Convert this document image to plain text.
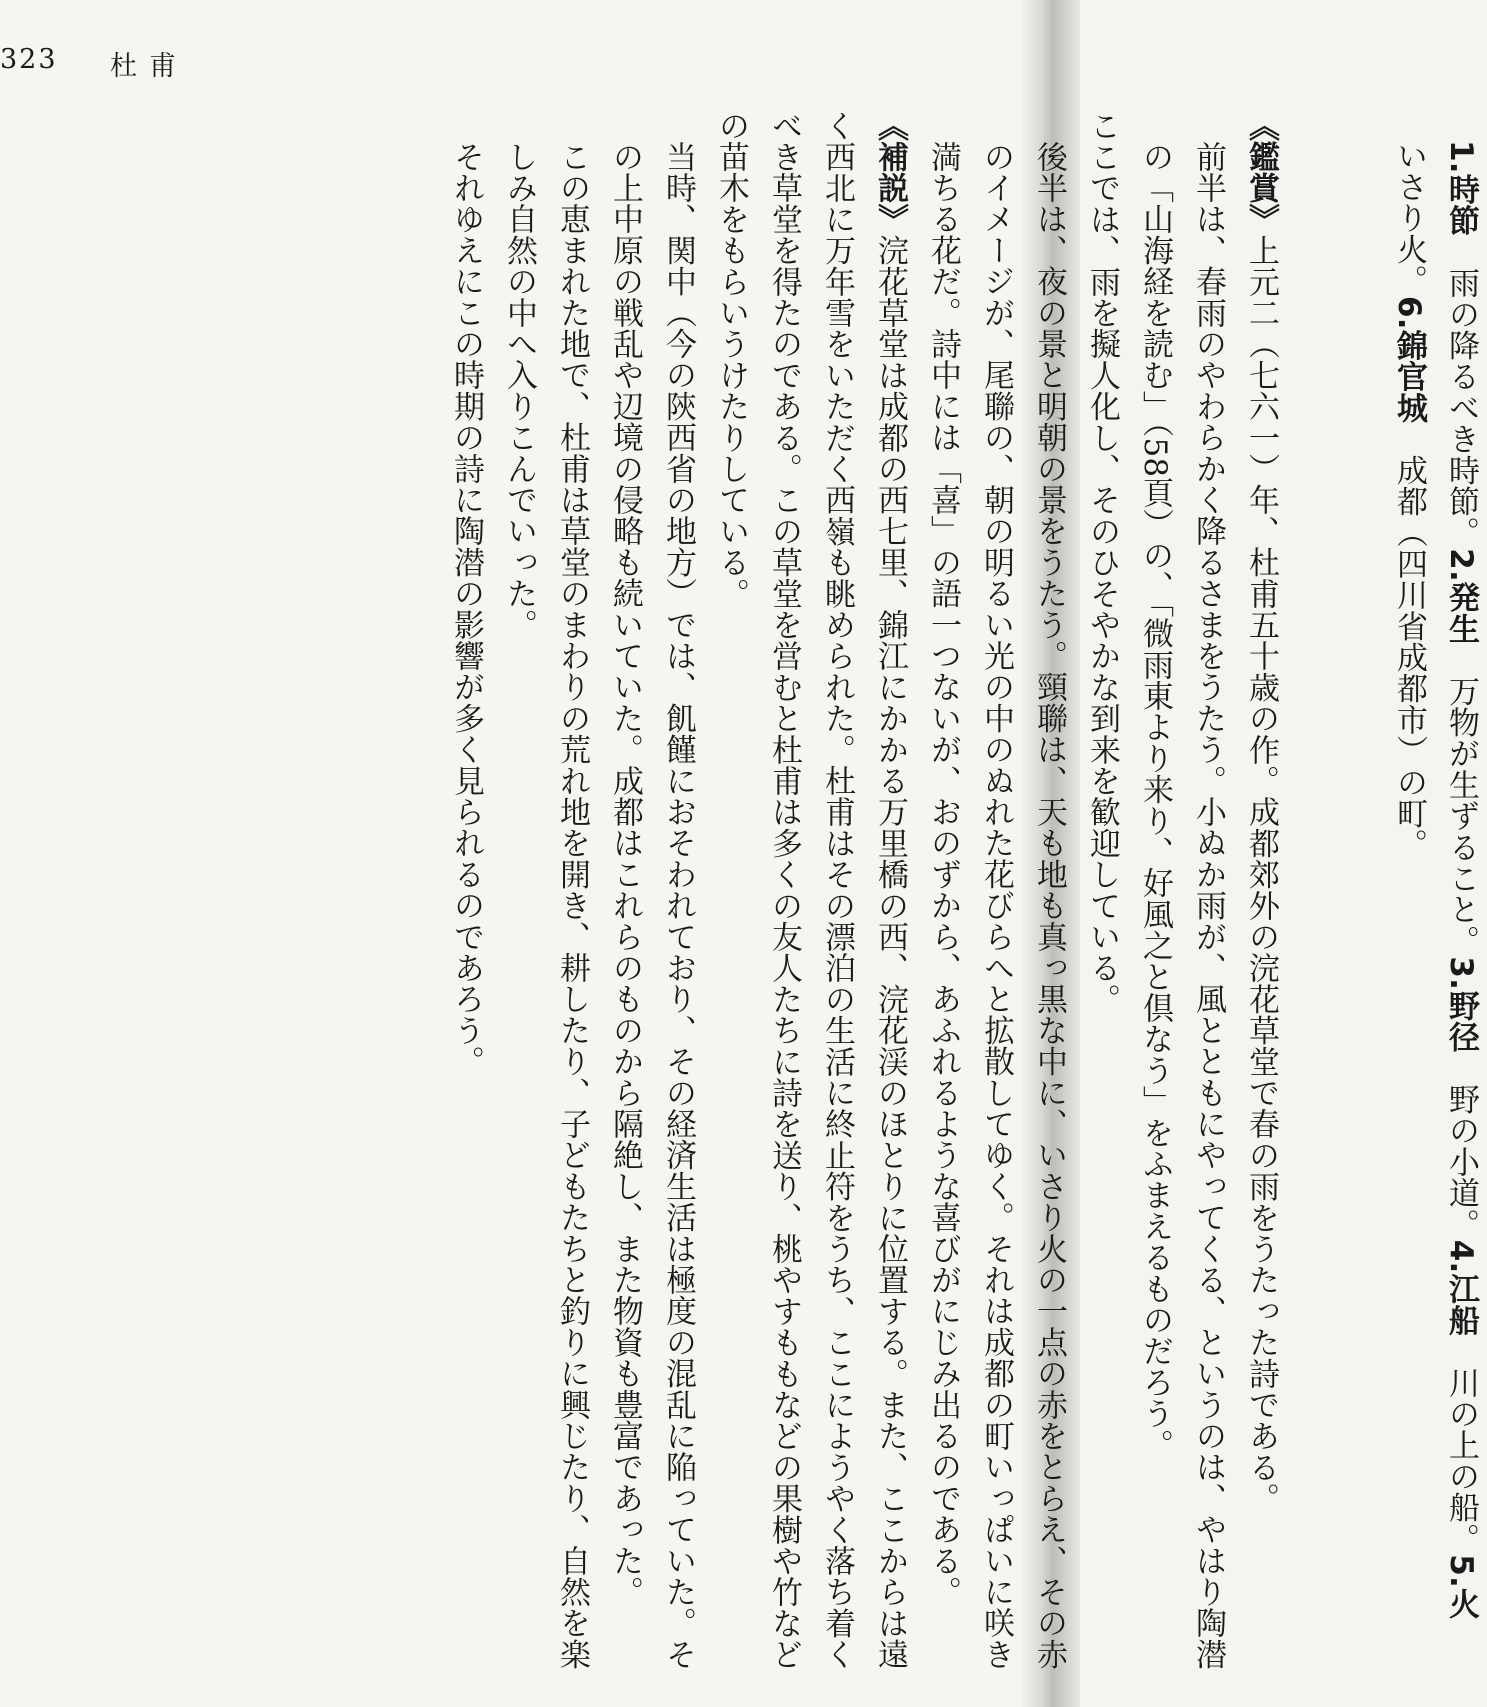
323 杜甫
1.時節　雨の降るべき時節。2.発生　万物が生ずること。3.野径　野の小道。4.江船　川の上の船。5.火　いさり火。6.錦官城　成都（四川省成都市）の町。

《鑑賞》上元二（七六一）年、杜甫五十歳の作。成都郊外の浣花草堂で春の雨をうたった詩である。

前半は、春雨のやわらかく降るさまをうたう。小ぬか雨が、風とともにやってくる、というのは、やはり陶潜の「山海経を読む」（58頁）の、「微雨東より来り、好風之と倶なう」をふまえるものだろう。

ここでは、雨を擬人化し、そのひそやかな到来を歓迎している。

後半は、夜の景と明朝の景をうたう。頸聯は、天も地も真っ黒な中に、いさり火の一点の赤をとらえ、その赤のイメージが、尾聯の、朝の明るい光の中のぬれた花びらへと拡散してゆく。それは成都の町いっぱいに咲き満ちる花だ。詩中には「喜」の語一つないが、おのずから、あふれるような喜びがにじみ出るのである。

《補説》浣花草堂は成都の西七里、錦江にかかる万里橋の西、浣花渓のほとりに位置する。また、ここからは遠く西北に万年雪をいただく西嶺も眺められた。杜甫はその漂泊の生活に終止符をうち、ここにようやく落ち着くべき草堂を得たのである。この草堂を営むと杜甫は多くの友人たちに詩を送り、桃やすももなどの果樹や竹などの苗木をもらいうけたりしている。

当時、関中（今の陝西省の地方）では、飢饉におそわれており、その経済生活は極度の混乱に陥っていた。その上中原の戦乱や辺境の侵略も続いていた。成都はこれらのものから隔絶し、また物資も豊富であった。

この恵まれた地で、杜甫は草堂のまわりの荒れ地を開き、耕したり、子どもたちと釣りに興じたり、自然を楽しみ自然の中へ入りこんでいった。

それゆえにこの時期の詩に陶潜の影響が多く見られるのであろう。
